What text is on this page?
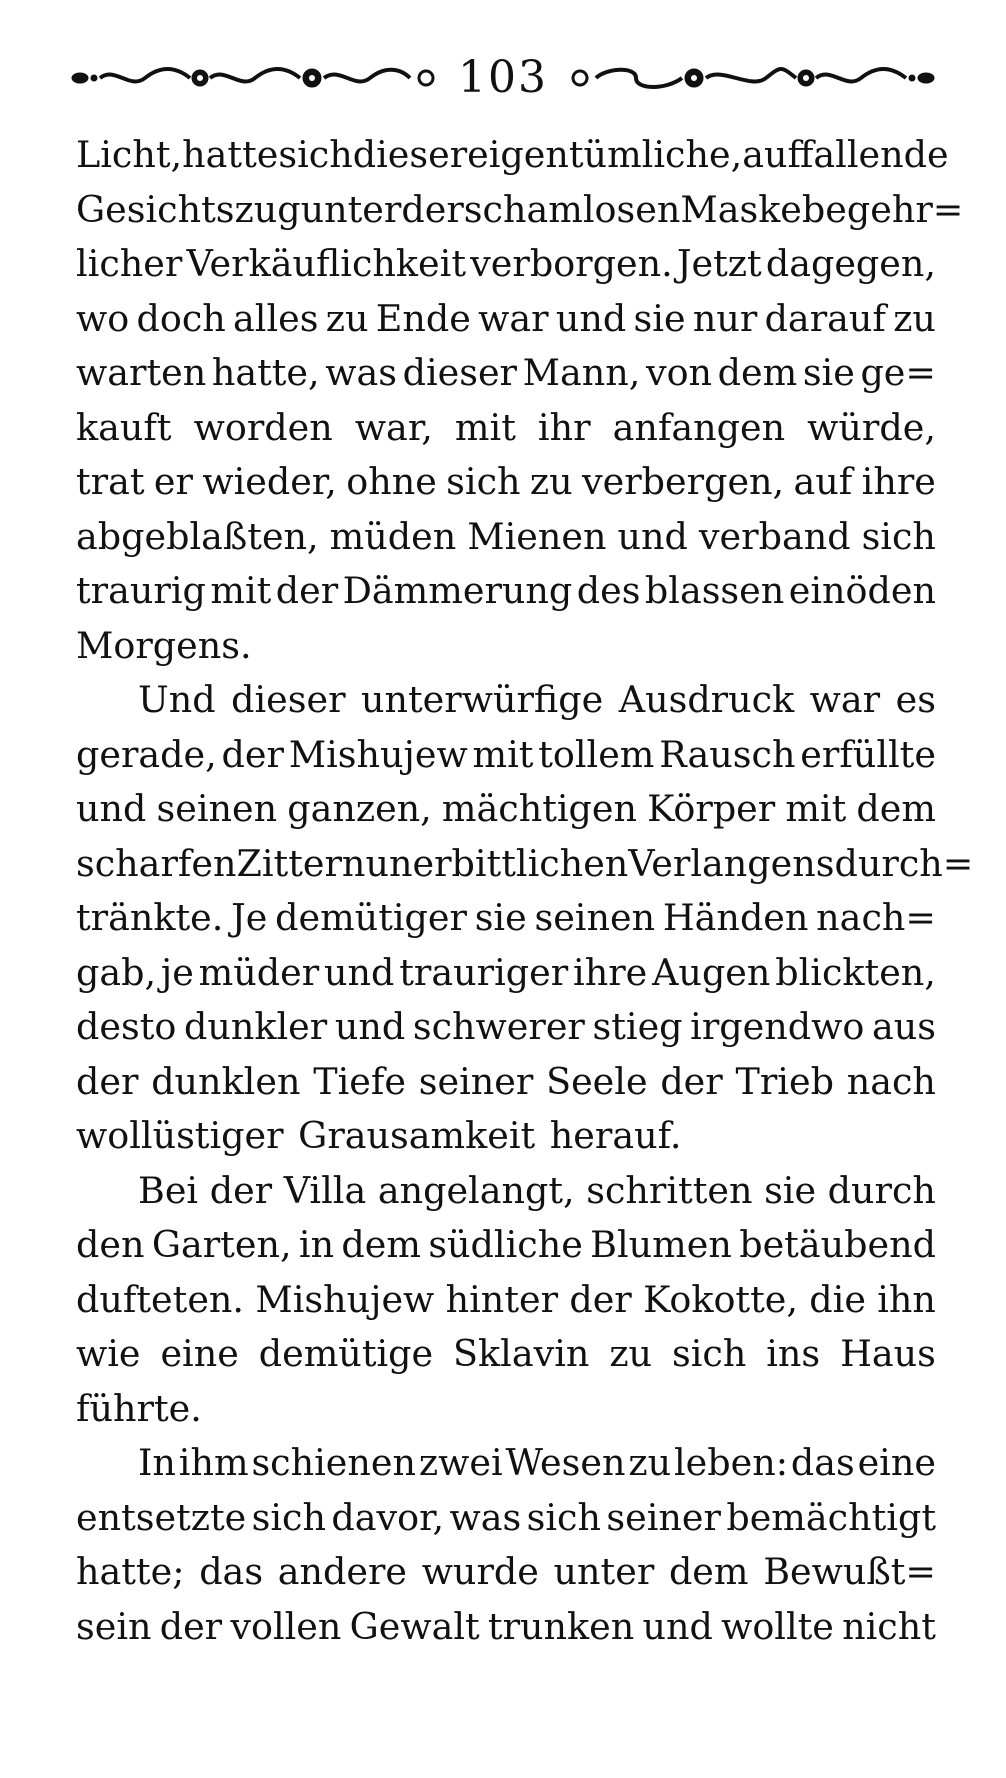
103
Licht, hatte sich dieser eigentümliche, auffallende
Gesichtszug unter der schamlosen Maske begehr=
licher Verkäuflichkeit verborgen. Jetzt dagegen,
wo doch alles zu Ende war und sie nur darauf zu
warten hatte, was dieser Mann, von dem sie ge=
kauft worden war, mit ihr anfangen würde,
trat er wieder, ohne sich zu verbergen, auf ihre
abgeblaßten, müden Mienen und verband sich
traurig mit der Dämmerung des blassen einöden
Morgens.
Und dieser unterwürfige Ausdruck war es
gerade, der Mishujew mit tollem Rausch erfüllte
und seinen ganzen, mächtigen Körper mit dem
scharfen Zittern unerbittlichen Verlangens durch=
tränkte. Je demütiger sie seinen Händen nach=
gab, je müder und trauriger ihre Augen blickten,
desto dunkler und schwerer stieg irgendwo aus
der dunklen Tiefe seiner Seele der Trieb nach
wollüstiger Grausamkeit herauf.
Bei der Villa angelangt, schritten sie durch
den Garten, in dem südliche Blumen betäubend
dufteten. Mishujew hinter der Kokotte, die ihn
wie eine demütige Sklavin zu sich ins Haus
führte.
In ihm schienen zwei Wesen zu leben: das eine
entsetzte sich davor, was sich seiner bemächtigt
hatte; das andere wurde unter dem Bewußt=
sein der vollen Gewalt trunken und wollte nicht
